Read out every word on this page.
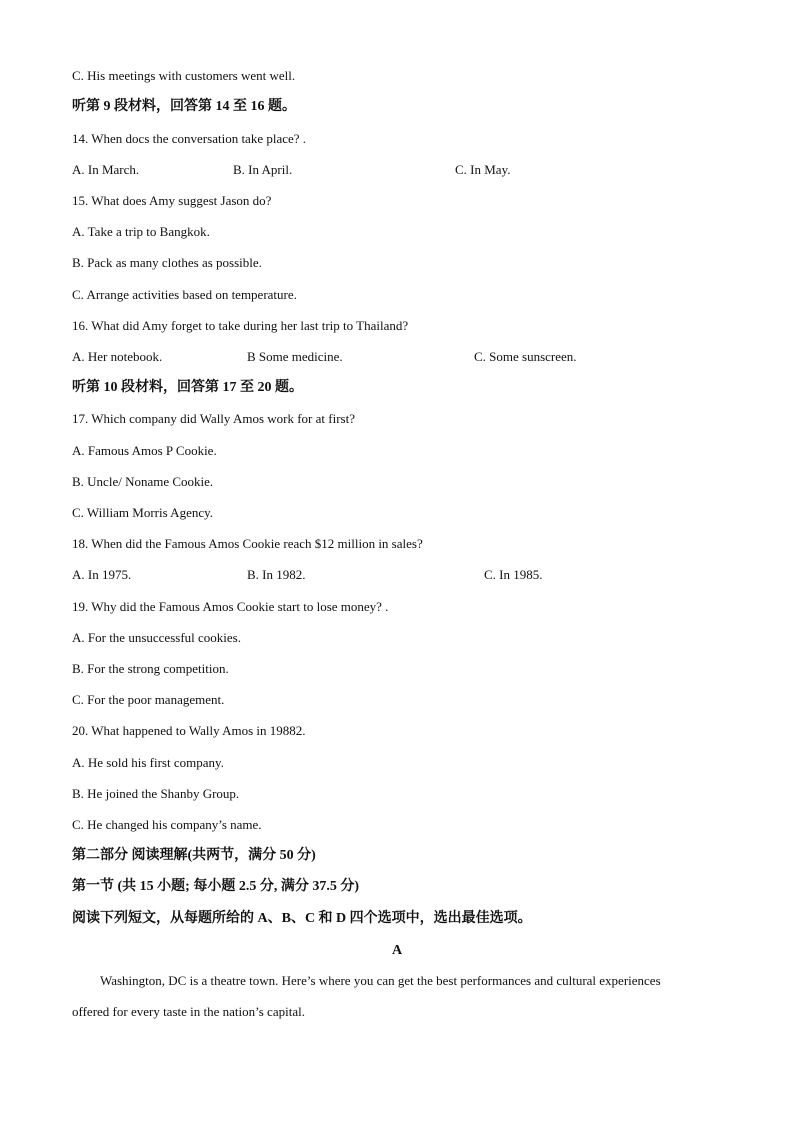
C. His meetings with customers went well.
听第 9 段材料，回答第 14 至 16 题。
14. When docs the conversation take place? .
A. In March.	B. In April.	C. In May.
15. What does Amy suggest Jason do?
A. Take a trip to Bangkok.
B. Pack as many clothes as possible.
C. Arrange activities based on temperature.
16. What did Amy forget to take during her last trip to Thailand?
A. Her notebook.	B Some medicine.	C. Some sunscreen.
听第 10 段材料，回答第 17 至 20 题。
17. Which company did Wally Amos work for at first?
A. Famous Amos P Cookie.
B. Uncle/ Noname Cookie.
C. William Morris Agency.
18. When did the Famous Amos Cookie reach $12 million in sales?
A. In 1975.	B. In 1982.	C. In 1985.
19. Why did the Famous Amos Cookie start to lose money? .
A. For the unsuccessful cookies.
B. For the strong competition.
C. For the poor management.
20. What happened to Wally Amos in 19882.
A. He sold his first company.
B. He joined the Shanby Group.
C. He changed his company’s name.
第二部分 阅读理解(共两节，满分 50 分)
第一节 (共 15 小题; 每小题 2.5 分, 满分 37.5 分)
阅读下列短文，从每题所给的 A、B、C 和 D 四个选项中，选出最佳选项。
A
Washington, DC is a theatre town. Here’s where you can get the best performances and cultural experiences
offered for every taste in the nation’s capital.
